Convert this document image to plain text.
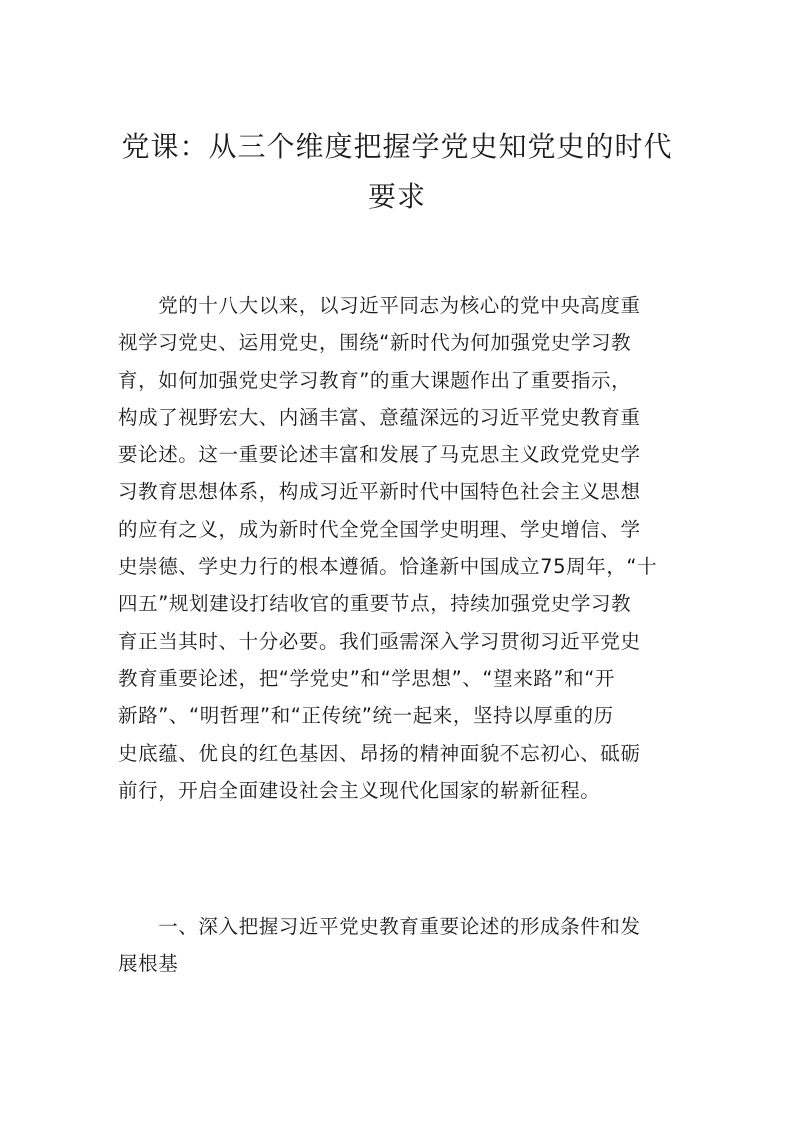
党课：从三个维度把握学党史知党史的时代
要求

　　党的十八大以来，以习近平同志为核心的党中央高度重
视学习党史、运用党史，围绕“新时代为何加强党史学习教
育，如何加强党史学习教育”的重大课题作出了重要指示，
构成了视野宏大、内涵丰富、意蕴深远的习近平党史教育重
要论述。这一重要论述丰富和发展了马克思主义政党党史学
习教育思想体系，构成习近平新时代中国特色社会主义思想
的应有之义，成为新时代全党全国学史明理、学史增信、学
史崇德、学史力行的根本遵循。恰逢新中国成立75周年，“十
四五”规划建设打结收官的重要节点，持续加强党史学习教
育正当其时、十分必要。我们亟需深入学习贯彻习近平党史
教育重要论述，把“学党史”和“学思想”、“望来路”和“开
新路”、“明哲理”和“正传统”统一起来，坚持以厚重的历
史底蕴、优良的红色基因、昂扬的精神面貌不忘初心、砥砺
前行，开启全面建设社会主义现代化国家的崭新征程。

　　一、深入把握习近平党史教育重要论述的形成条件和发
展根基
